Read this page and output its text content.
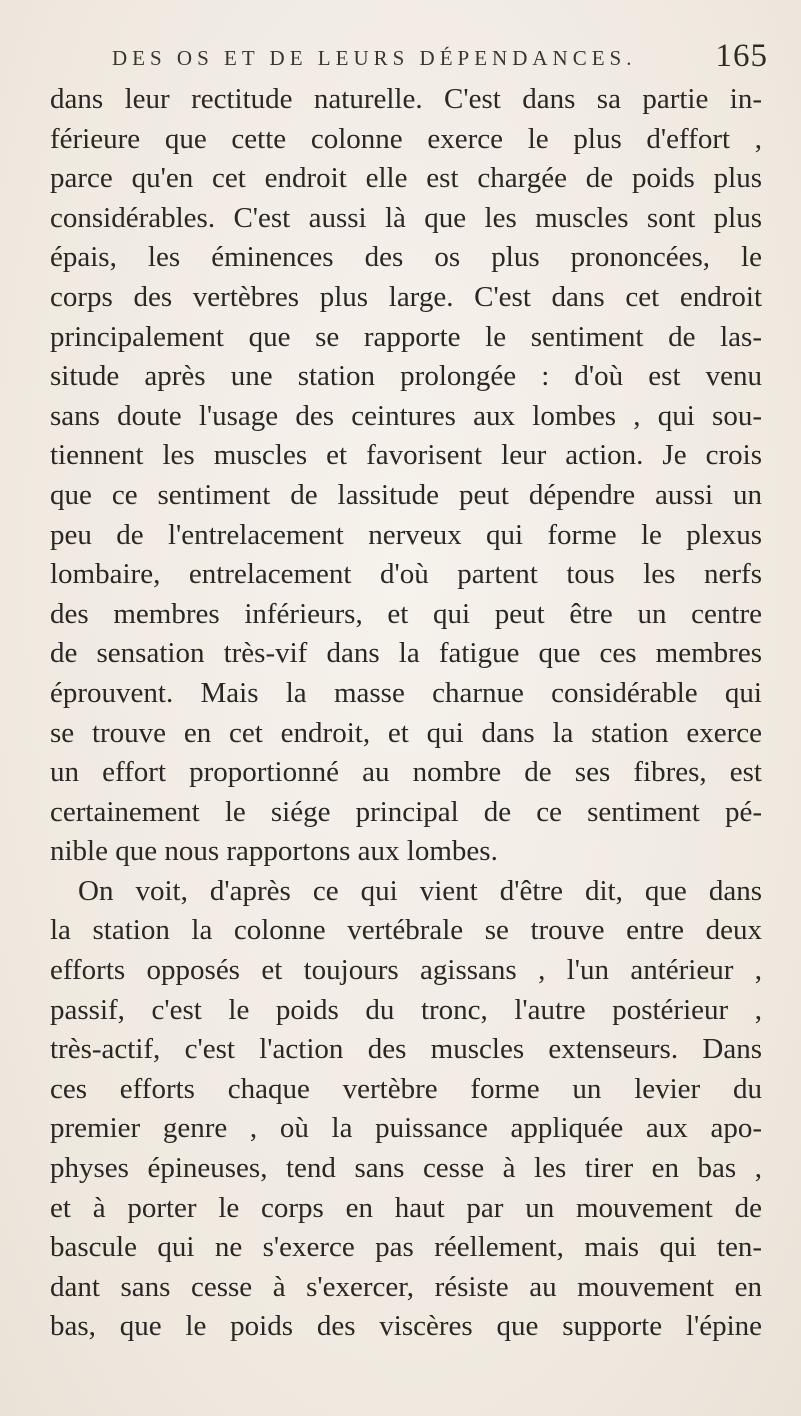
DES OS ET DE LEURS DÉPENDANCES. 165
dans leur rectitude naturelle. C'est dans sa partie in-
férieure que cette colonne exerce le plus d'effort ,
parce qu'en cet endroit elle est chargée de poids plus
considérables. C'est aussi là que les muscles sont plus
épais, les éminences des os plus prononcées, le
corps des vertèbres plus large. C'est dans cet endroit
principalement que se rapporte le sentiment de las-
situde après une station prolongée : d'où est venu
sans doute l'usage des ceintures aux lombes , qui sou-
tiennent les muscles et favorisent leur action. Je crois
que ce sentiment de lassitude peut dépendre aussi un
peu de l'entrelacement nerveux qui forme le plexus
lombaire, entrelacement d'où partent tous les nerfs
des membres inférieurs, et qui peut être un centre
de sensation très-vif dans la fatigue que ces membres
éprouvent. Mais la masse charnue considérable qui
se trouve en cet endroit, et qui dans la station exerce
un effort proportionné au nombre de ses fibres, est
certainement le siége principal de ce sentiment pé-
nible que nous rapportons aux lombes.
On voit, d'après ce qui vient d'être dit, que dans
la station la colonne vertébrale se trouve entre deux
efforts opposés et toujours agissans , l'un antérieur ,
passif, c'est le poids du tronc, l'autre postérieur ,
très-actif, c'est l'action des muscles extenseurs. Dans
ces efforts chaque vertèbre forme un levier du
premier genre , où la puissance appliquée aux apo-
physes épineuses, tend sans cesse à les tirer en bas ,
et à porter le corps en haut par un mouvement de
bascule qui ne s'exerce pas réellement, mais qui ten-
dant sans cesse à s'exercer, résiste au mouvement en
bas, que le poids des viscères que supporte l'épine
